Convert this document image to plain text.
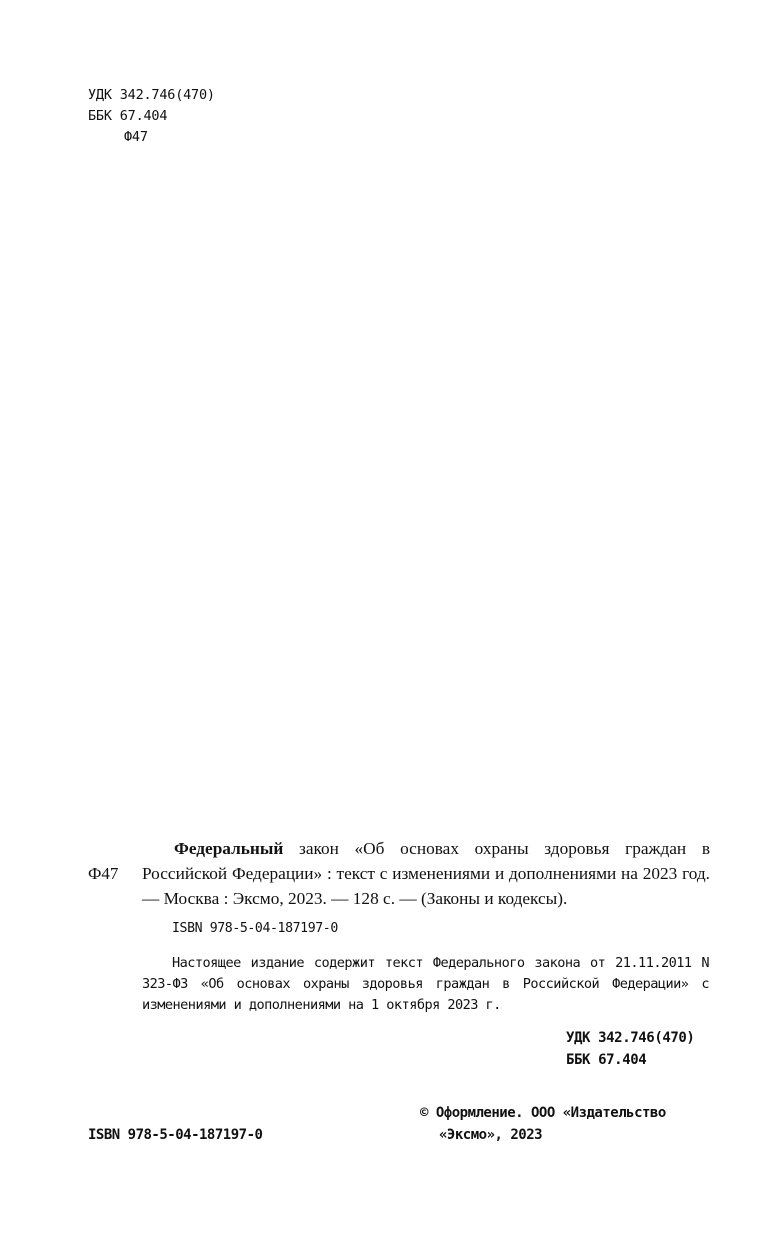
УДК 342.746(470)
ББК 67.404
Ф47
Ф47
Федеральный закон «Об основах охраны здоровья граждан в Российской Федерации» : текст с изменениями и дополнениями на 2023 год. — Москва : Эксмо, 2023. — 128 с. — (Законы и кодексы).
ISBN 978-5-04-187197-0
Настоящее издание содержит текст Федерального закона от 21.11.2011 N 323-ФЗ «Об основах охраны здоровья граждан в Российской Федерации» с изменениями и дополнениями на 1 октября 2023 г.
УДК 342.746(470)
ББК 67.404
© Оформление. ООО «Издательство
«Эксмо», 2023
ISBN 978-5-04-187197-0
